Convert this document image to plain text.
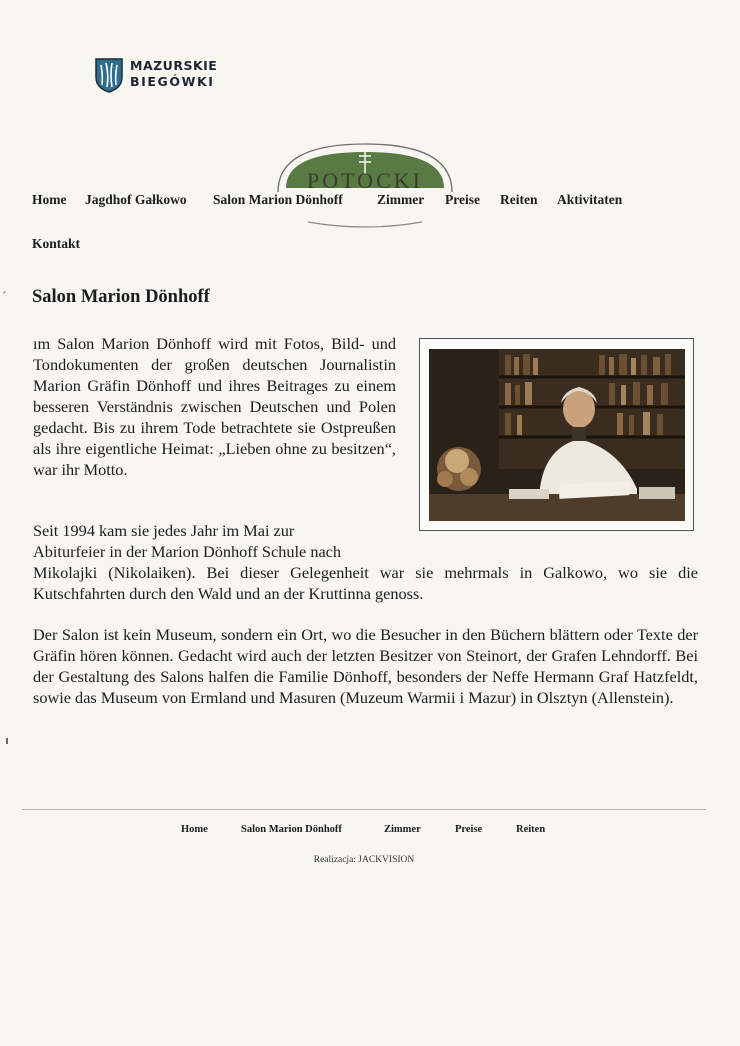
MAZURSKIE
BIEGÓWKI
POTOCKI
Home Jagdhof Gałkowo Salon Marion Dönhoff	Zimmer Preise Reiten Aktivitaten
Kontakt
´ Salon Marion Dönhoff

ım Salon Marion Dönhoff wird mit Fotos, Bild- und Tondokumenten der großen deutschen Journalistin Marion Gräfin Dönhoff und ihres Beitrages zu einem besseren Verständnis zwischen Deutschen und Polen gedacht. Bis zu ihrem Tode betrachtete sie Ostpreußen als ihre eigentliche Heimat: „Lieben ohne zu besitzen“, war ihr Motto.

Seit 1994 kam sie jedes Jahr im Mai zur
Abiturfeier in der Marion Dönhoff Schule nach

Mikolajki (Nikolaiken). Bei dieser Gelegenheit war sie mehrmals in Galkowo, wo sie die Kutschfahrten durch den Wald und an der Kruttinna genoss.

Der Salon ist kein Museum, sondern ein Ort, wo die Besucher in den Büchern blättern oder Texte der Gräfin hören können. Gedacht wird auch der letzten Besitzer von Steinort, der Grafen Lehndorff. Bei der Gestaltung des Salons halfen die Familie Dönhoff, besonders der Neffe Hermann Graf Hatzfeldt, sowie das Museum von Ermland und Masuren (Muzeum Warmii i Mazur) in Olsztyn (Allenstein).

Home	Salon Marion Dönhoff	Zimmer	Preise	Reiten
Realizacja: JACKVISION
